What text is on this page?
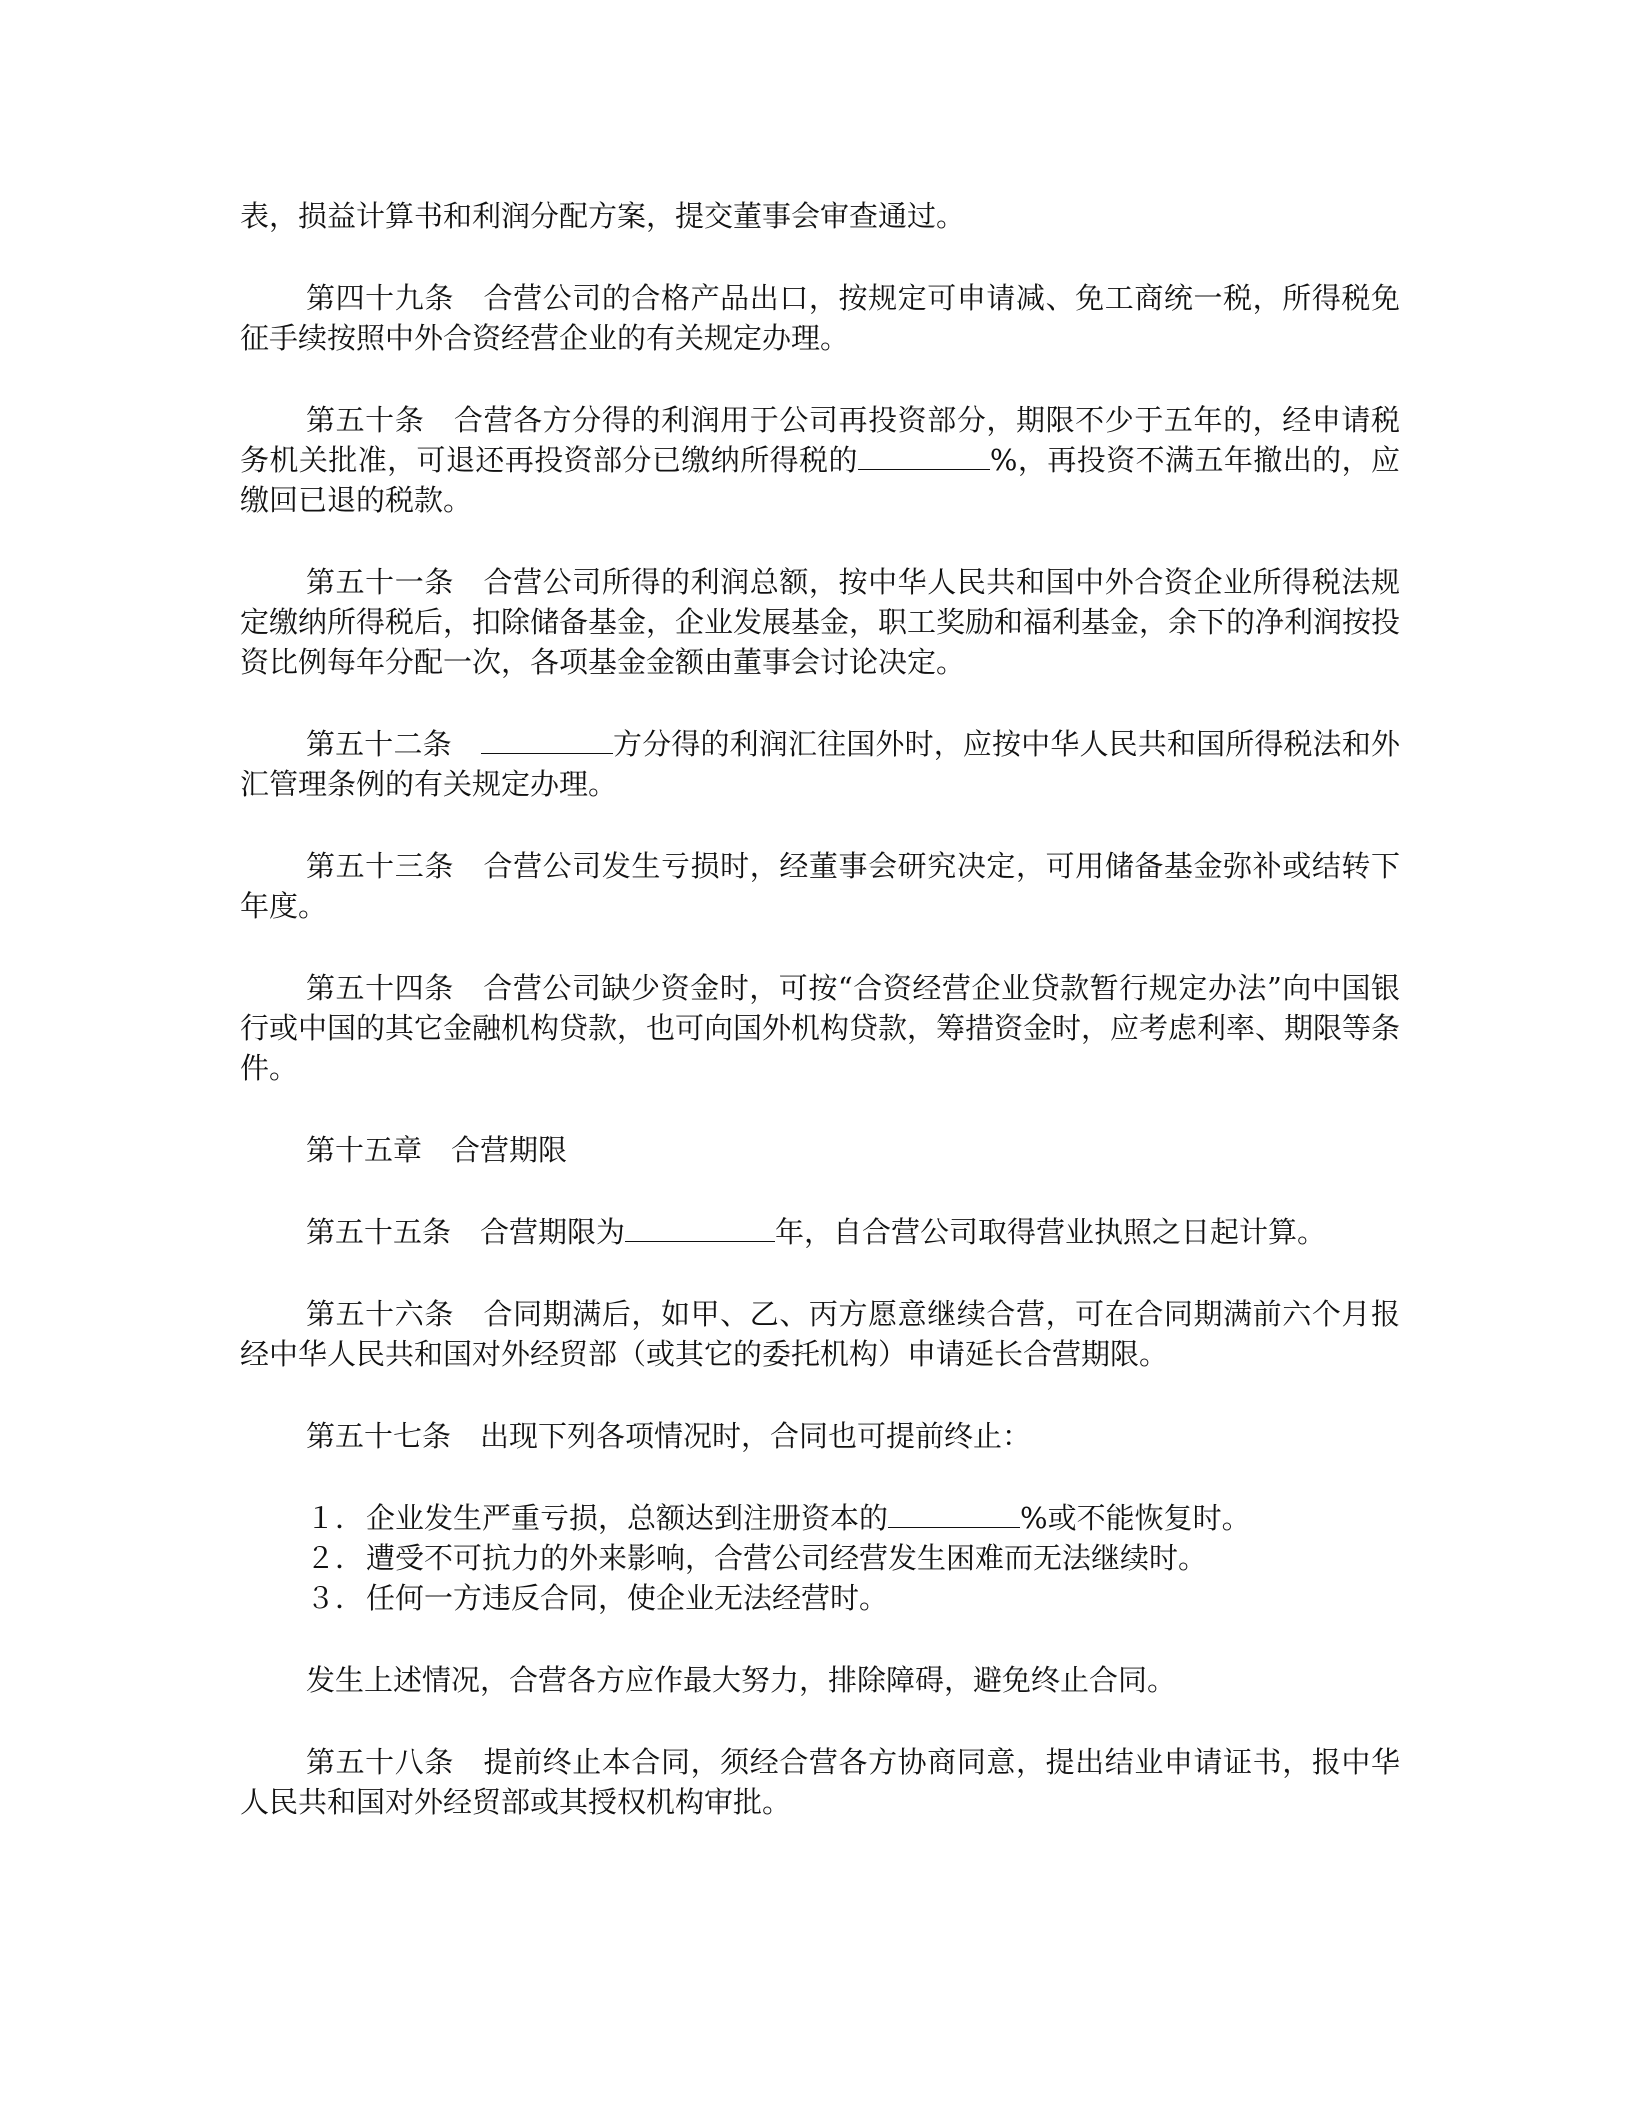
表，损益计算书和利润分配方案，提交董事会审查通过。

第四十九条　合营公司的合格产品出口，按规定可申请减、免工商统一税，所得税免征手续按照中外合资经营企业的有关规定办理。

第五十条　合营各方分得的利润用于公司再投资部分，期限不少于五年的，经申请税务机关批准，可退还再投资部分已缴纳所得税的	%，再投资不满五年撤出的，应缴回已退的税款。

第五十一条　合营公司所得的利润总额，按中华人民共和国中外合资企业所得税法规定缴纳所得税后，扣除储备基金，企业发展基金，职工奖励和福利基金，余下的净利润按投资比例每年分配一次，各项基金金额由董事会讨论决定。

第五十二条　	方分得的利润汇往国外时，应按中华人民共和国所得税法和外汇管理条例的有关规定办理。

第五十三条　合营公司发生亏损时，经董事会研究决定，可用储备基金弥补或结转下年度。

第五十四条　合营公司缺少资金时，可按“合资经营企业贷款暂行规定办法”向中国银行或中国的其它金融机构贷款，也可向国外机构贷款，筹措资金时，应考虑利率、期限等条件。

第十五章　合营期限

第五十五条　合营期限为	年，自合营公司取得营业执照之日起计算。

第五十六条　合同期满后，如甲、乙、丙方愿意继续合营，可在合同期满前六个月报经中华人民共和国对外经贸部（或其它的委托机构）申请延长合营期限。

第五十七条　出现下列各项情况时，合同也可提前终止：

１．企业发生严重亏损，总额达到注册资本的	%或不能恢复时。

２．遭受不可抗力的外来影响，合营公司经营发生困难而无法继续时。

３．任何一方违反合同，使企业无法经营时。

发生上述情况，合营各方应作最大努力，排除障碍，避免终止合同。

第五十八条　提前终止本合同，须经合营各方协商同意，提出结业申请证书，报中华人民共和国对外经贸部或其授权机构审批。
